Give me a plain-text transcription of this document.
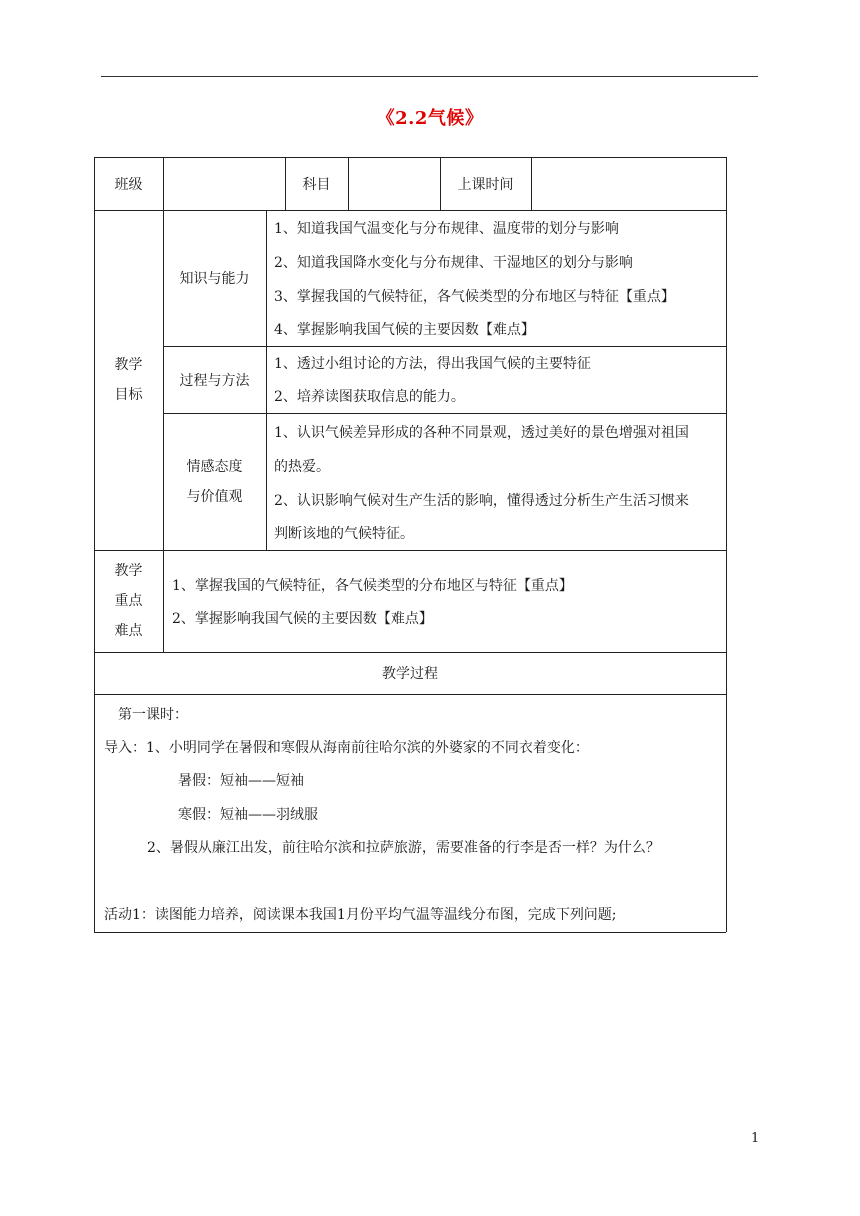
《2.2气候》
班级	科目	上课时间
教学
目标
知识与能力
1、知道我国气温变化与分布规律、温度带的划分与影响
2、知道我国降水变化与分布规律、干湿地区的划分与影响
3、掌握我国的气候特征，各气候类型的分布地区与特征【重点】
4、掌握影响我国气候的主要因数【难点】
过程与方法
1、透过小组讨论的方法，得出我国气候的主要特征
2、培养读图获取信息的能力。
情感态度
与价值观
1、认识气候差异形成的各种不同景观，透过美好的景色增强对祖国
的热爱。
2、认识影响气候对生产生活的影响，懂得透过分析生产生活习惯来
判断该地的气候特征。
教学
重点
难点
1、掌握我国的气候特征，各气候类型的分布地区与特征【重点】
2、掌握影响我国气候的主要因数【难点】
教学过程
第一课时：
导入：1、小明同学在暑假和寒假从海南前往哈尔滨的外婆家的不同衣着变化：
暑假：短袖——短袖
寒假：短袖——羽绒服
2、暑假从廉江出发，前往哈尔滨和拉萨旅游，需要准备的行李是否一样？为什么？
活动1：读图能力培养，阅读课本我国1月份平均气温等温线分布图，完成下列问题;
1
